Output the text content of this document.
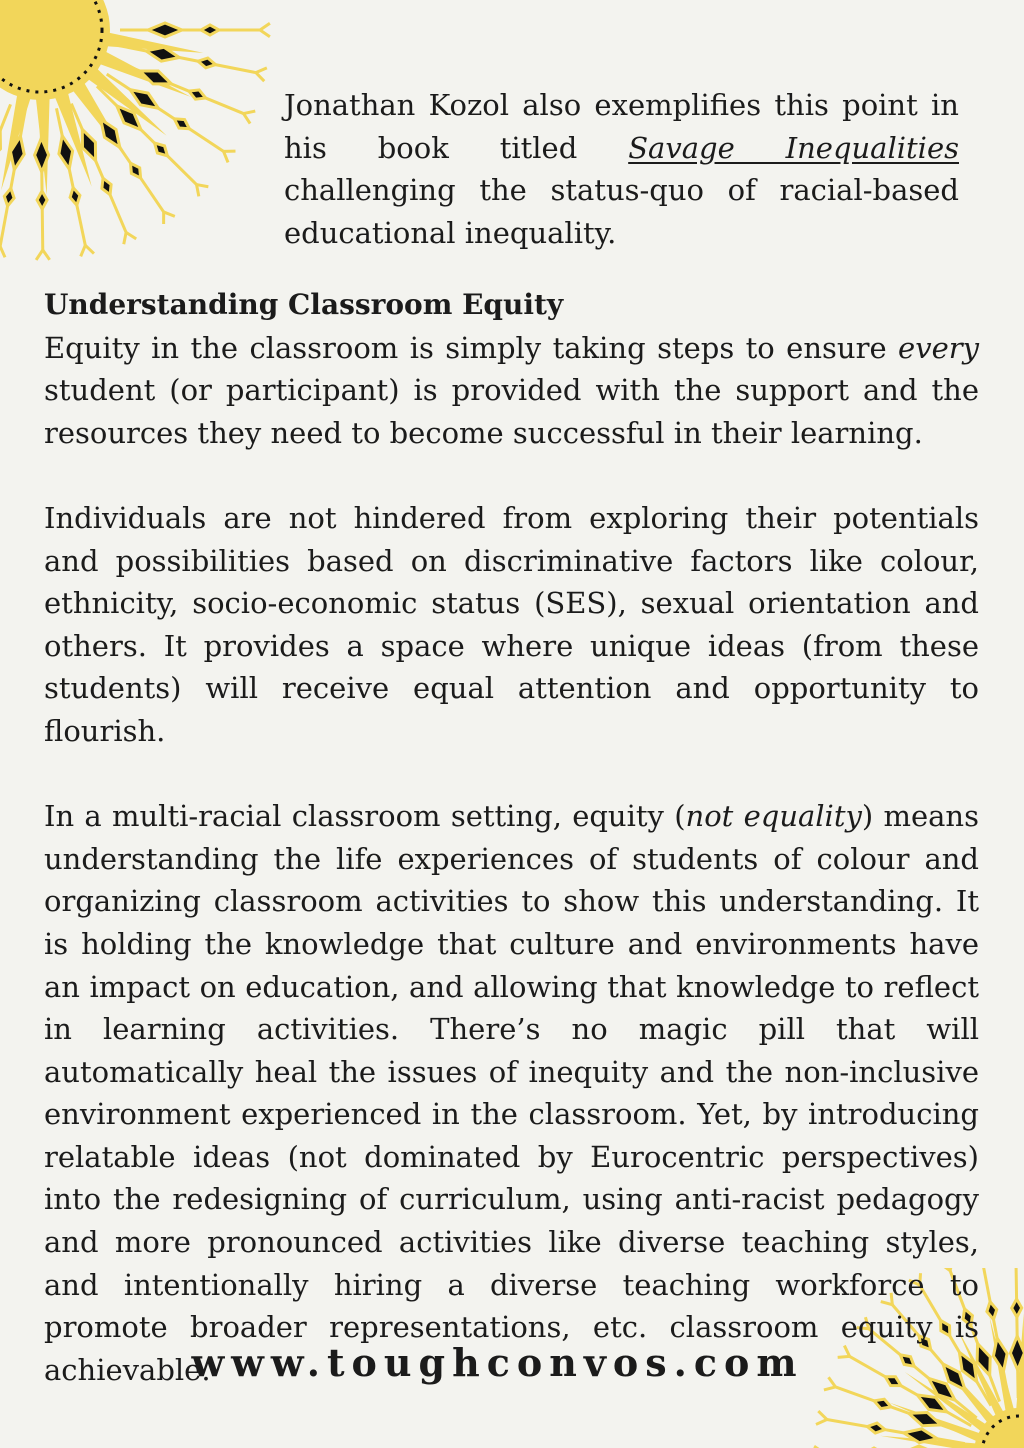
Jonathan Kozol also exemplifies this point in his book titled Savage Inequalities challenging the status-quo of racial-based educational inequality.

Understanding Classroom Equity

Equity in the classroom is simply taking steps to ensure every student (or participant) is provided with the support and the resources they need to become successful in their learning.

Individuals are not hindered from exploring their potentials and possibilities based on discriminative factors like colour, ethnicity, socio-economic status (SES), sexual orientation and others. It provides a space where unique ideas (from these students) will receive equal attention and opportunity to flourish.

In a multi-racial classroom setting, equity (not equality) means understanding the life experiences of students of colour and organizing classroom activities to show this understanding. It is holding the knowledge that culture and environments have an impact on education, and allowing that knowledge to reflect in learning activities. There’s no magic pill that will automatically heal the issues of inequity and the non-inclusive environment experienced in the classroom. Yet, by introducing relatable ideas (not dominated by Eurocentric perspectives) into the redesigning of curriculum, using anti-racist pedagogy and more pronounced activities like diverse teaching styles, and intentionally hiring a diverse teaching workforce to promote broader representations, etc. classroom equity is achievable.

www.toughconvos.com
